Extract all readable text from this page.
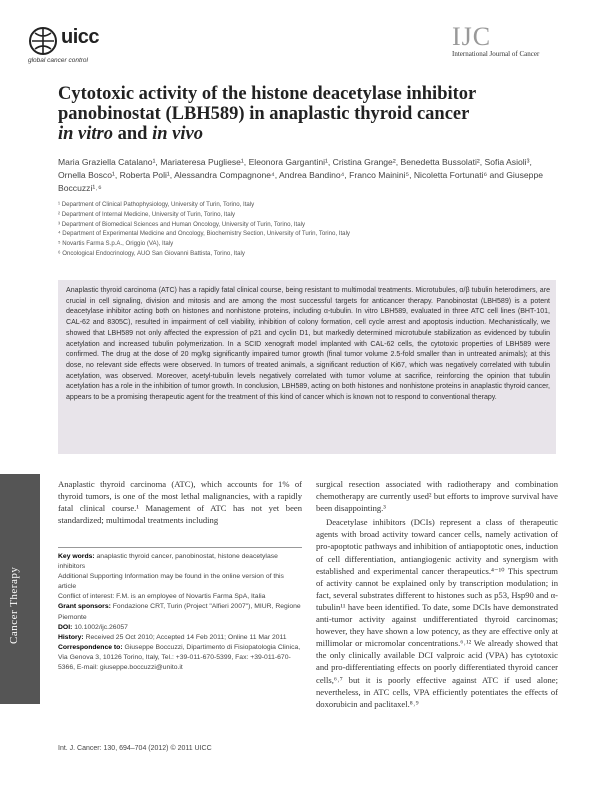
uicc
global cancer control
IJC
International Journal of Cancer
Cytotoxic activity of the histone deacetylase inhibitor
panobinostat (LBH589) in anaplastic thyroid cancer
in vitro and in vivo
Maria Graziella Catalano¹, Mariateresa Pugliese¹, Eleonora Gargantini¹, Cristina Grange², Benedetta Bussolati², Sofia Asioli³, Ornella Bosco¹, Roberta Poli¹, Alessandra Compagnone⁴, Andrea Bandino⁴, Franco Mainini⁵, Nicoletta Fortunati⁶ and Giuseppe Boccuzzi¹˒⁶
¹ Department of Clinical Pathophysiology, University of Turin, Torino, Italy
² Department of Internal Medicine, University of Turin, Torino, Italy
³ Department of Biomedical Sciences and Human Oncology, University of Turin, Torino, Italy
⁴ Department of Experimental Medicine and Oncology, Biochemistry Section, University of Turin, Torino, Italy
⁵ Novartis Farma S.p.A., Origgio (VA), Italy
⁶ Oncological Endocrinology, AUO San Giovanni Battista, Torino, Italy
Anaplastic thyroid carcinoma (ATC) has a rapidly fatal clinical course, being resistant to multimodal treatments. Microtubules, α/β tubulin heterodimers, are crucial in cell signaling, division and mitosis and are among the most successful targets for anticancer therapy. Panobinostat (LBH589) is a potent deacetylase inhibitor acting both on histones and nonhistone proteins, including α-tubulin. In vitro LBH589, evaluated in three ATC cell lines (BHT-101, CAL-62 and 8305C), resulted in impairment of cell viability, inhibition of colony formation, cell cycle arrest and apoptosis induction. Mechanistically, we showed that LBH589 not only affected the expression of p21 and cyclin D1, but markedly determined microtubule stabilization as evidenced by tubulin acetylation and increased tubulin polymerization. In a SCID xenograft model implanted with CAL-62 cells, the cytotoxic properties of LBH589 were confirmed. The drug at the dose of 20 mg/kg significantly impaired tumor growth (final tumor volume 2.5-fold smaller than in untreated animals); at this dose, no relevant side effects were observed. In tumors of treated animals, a significant reduction of Ki67, which was negatively correlated with tubulin acetylation, was observed. Moreover, acetyl-tubulin levels negatively correlated with tumor volume at sacrifice, reinforcing the opinion that tubulin acetylation has a role in the inhibition of tumor growth. In conclusion, LBH589, acting on both histones and nonhistone proteins in anaplastic thyroid cancer, appears to be a promising therapeutic agent for the treatment of this kind of cancer which is known not to respond to conventional therapy.
Cancer Therapy
Anaplastic thyroid carcinoma (ATC), which accounts for 1% of thyroid tumors, is one of the most lethal malignancies, with a rapidly fatal clinical course.¹ Management of ATC has not yet been standardized; multimodal treatments including
Key words: anaplastic thyroid cancer, panobinostat, histone deacetylase inhibitors
Additional Supporting Information may be found in the online version of this article
Conflict of interest: F.M. is an employee of Novartis Farma SpA, Italia
Grant sponsors: Fondazione CRT, Turin (Project "Alfieri 2007"), MIUR, Regione Piemonte
DOI: 10.1002/ijc.26057
History: Received 25 Oct 2010; Accepted 14 Feb 2011; Online 11 Mar 2011
Correspondence to: Giuseppe Boccuzzi, Dipartimento di Fisiopatologia Clinica, Via Genova 3, 10126 Torino, Italy, Tel.: +39-011-670-5399, Fax: +39-011-670-5366, E-mail: giuseppe.boccuzzi@unito.it
surgical resection associated with radiotherapy and combination chemotherapy are currently used² but efforts to improve survival have been disappointing.³
Deacetylase inhibitors (DCIs) represent a class of therapeutic agents with broad activity toward cancer cells, namely activation of pro-apoptotic pathways and inhibition of antiapoptotic ones, induction of cell differentiation, antiangiogenic activity and synergism with established and experimental cancer therapeutics.⁴⁻¹⁰ This spectrum of activity cannot be explained only by transcription modulation; in fact, several substrates different to histones such as p53, Hsp90 and α-tubulin¹¹ have been identified. To date, some DCIs have demonstrated anti-tumor activity against undifferentiated thyroid carcinomas; however, they have shown a low potency, as they are effective only at millimolar or micromolar concentrations.⁶˒¹² We already showed that the only clinically available DCI valproic acid (VPA) has cytotoxic and pro-differentiating effects on poorly differentiated thyroid cancer cells,⁶˒⁷ but it is poorly effective against ATC if used alone; nevertheless, in ATC cells, VPA efficiently potentiates the effects of doxorubicin and paclitaxel.⁸˒⁹
Int. J. Cancer: 130, 694–704 (2012) © 2011 UICC
